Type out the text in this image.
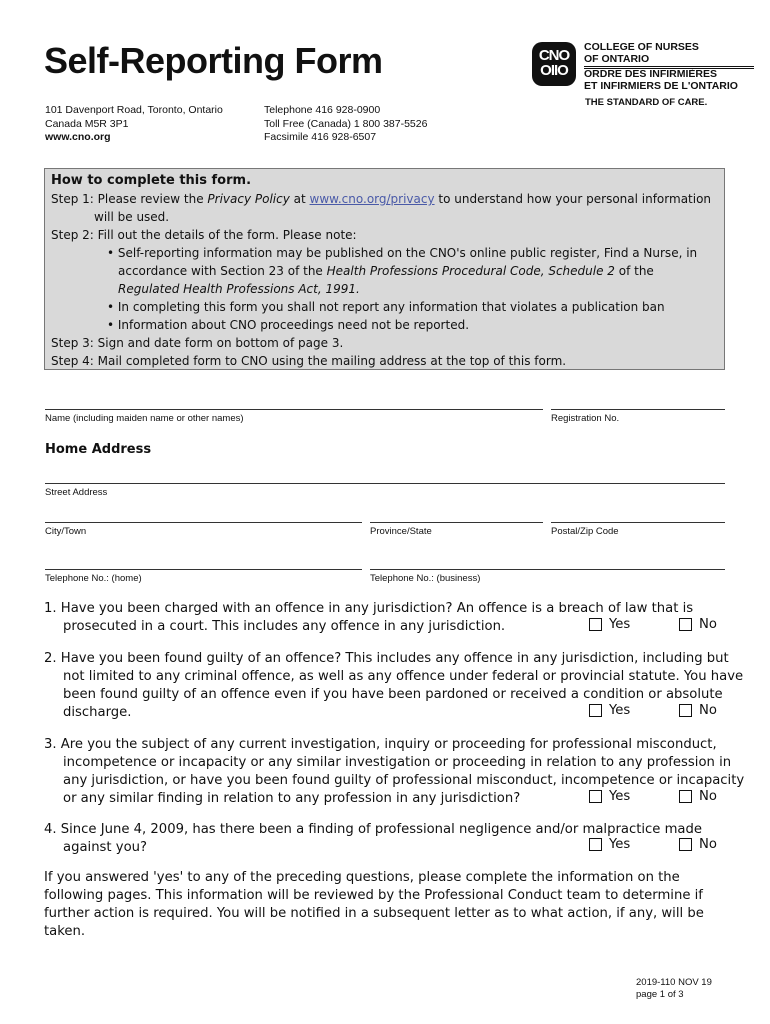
Self-Reporting Form
101 Davenport Road, Toronto, Ontario
Canada M5R 3P1
www.cno.org
Telephone 416 928-0900
Toll Free (Canada) 1 800 387-5526
Facsimile 416 928-6507
CNO
OIIO
COLLEGE OF NURSES
OF ONTARIO
ORDRE DES INFIRMIÈRES
ET INFIRMIERS DE L'ONTARIO
THE STANDARD OF CARE.
How to complete this form.
Step 1: Please review the Privacy Policy at www.cno.org/privacy to understand how your personal information will be used.
Step 2: Fill out the details of the form. Please note:
• Self-reporting information may be published on the CNO's online public register, Find a Nurse, in accordance with Section 23 of the Health Professions Procedural Code, Schedule 2 of the Regulated Health Professions Act, 1991.
• In completing this form you shall not report any information that violates a publication ban
• Information about CNO proceedings need not be reported.
Step 3: Sign and date form on bottom of page 3.
Step 4: Mail completed form to CNO using the mailing address at the top of this form.
Name (including maiden name or other names)	Registration No.
Home Address
Street Address
City/Town	Province/State	Postal/Zip Code
Telephone No.: (home)	Telephone No.: (business)
1. Have you been charged with an offence in any jurisdiction? An offence is a breach of law that is prosecuted in a court. This includes any offence in any jurisdiction.	Yes	No
2. Have you been found guilty of an offence? This includes any offence in any jurisdiction, including but not limited to any criminal offence, as well as any offence under federal or provincial statute. You have been found guilty of an offence even if you have been pardoned or received a condition or absolute discharge.	Yes	No
3. Are you the subject of any current investigation, inquiry or proceeding for professional misconduct, incompetence or incapacity or any similar investigation or proceeding in relation to any profession in any jurisdiction, or have you been found guilty of professional misconduct, incompetence or incapacity or any similar finding in relation to any profession in any jurisdiction?	Yes	No
4. Since June 4, 2009, has there been a finding of professional negligence and/or malpractice made against you?	Yes	No
If you answered 'yes' to any of the preceding questions, please complete the information on the following pages. This information will be reviewed by the Professional Conduct team to determine if further action is required. You will be notified in a subsequent letter as to what action, if any, will be taken.
2019-110 NOV 19
page 1 of 3
